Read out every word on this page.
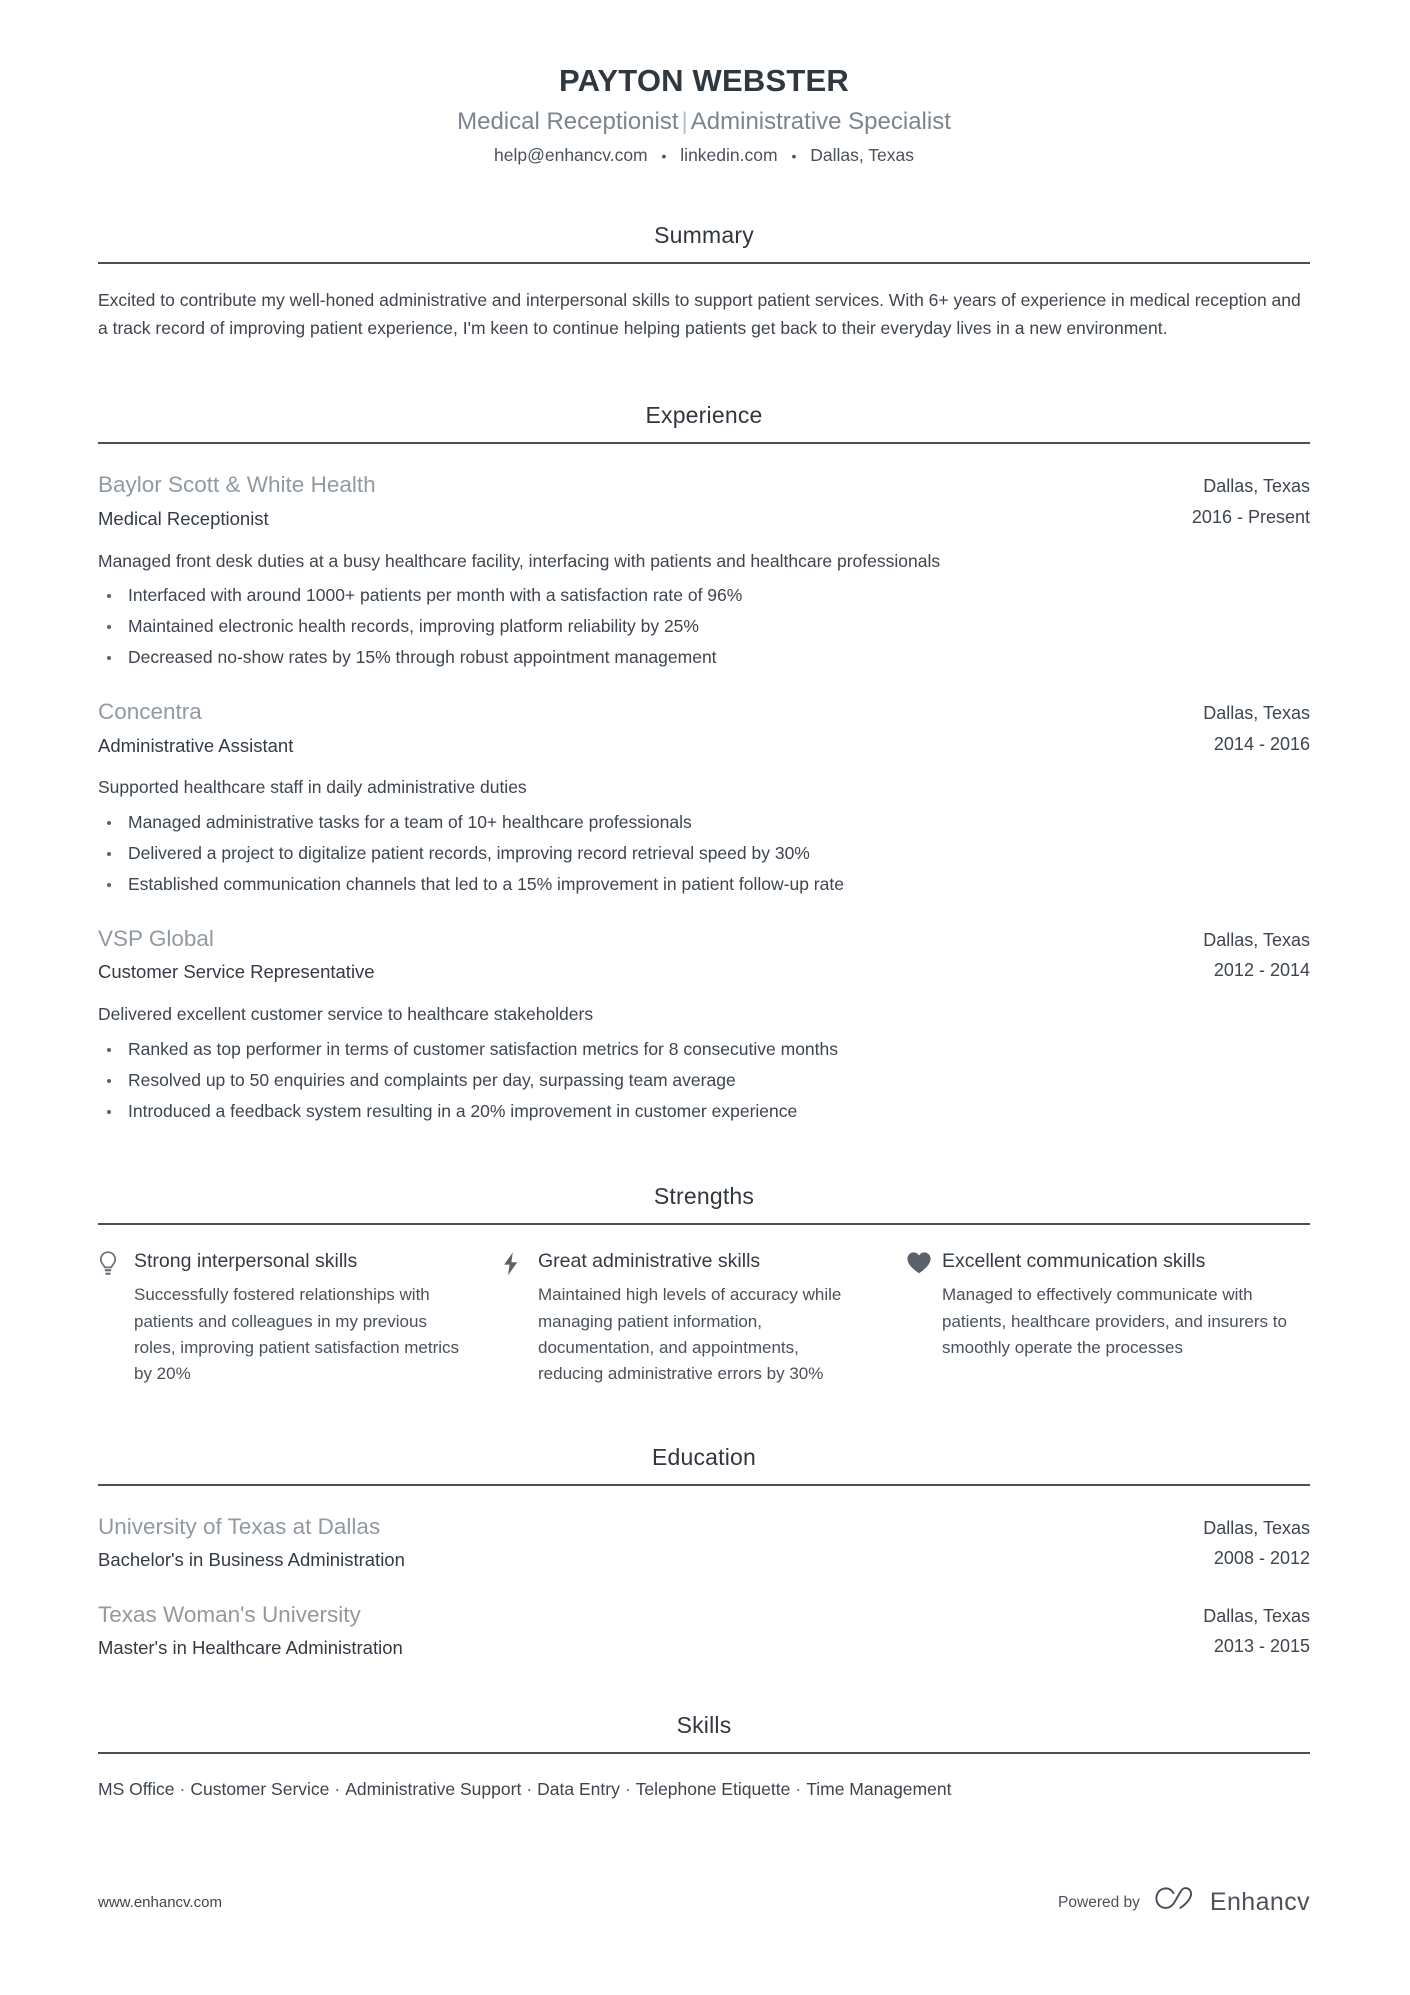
PAYTON WEBSTER
Medical Receptionist | Administrative Specialist
help@enhancv.com • linkedin.com • Dallas, Texas
Summary
Excited to contribute my well-honed administrative and interpersonal skills to support patient services. With 6+ years of experience in medical reception and a track record of improving patient experience, I'm keen to continue helping patients get back to their everyday lives in a new environment.
Experience
Baylor Scott & White Health
Medical Receptionist
Dallas, Texas
2016 - Present
Managed front desk duties at a busy healthcare facility, interfacing with patients and healthcare professionals
Interfaced with around 1000+ patients per month with a satisfaction rate of 96%
Maintained electronic health records, improving platform reliability by 25%
Decreased no-show rates by 15% through robust appointment management
Concentra
Administrative Assistant
Dallas, Texas
2014 - 2016
Supported healthcare staff in daily administrative duties
Managed administrative tasks for a team of 10+ healthcare professionals
Delivered a project to digitalize patient records, improving record retrieval speed by 30%
Established communication channels that led to a 15% improvement in patient follow-up rate
VSP Global
Customer Service Representative
Dallas, Texas
2012 - 2014
Delivered excellent customer service to healthcare stakeholders
Ranked as top performer in terms of customer satisfaction metrics for 8 consecutive months
Resolved up to 50 enquiries and complaints per day, surpassing team average
Introduced a feedback system resulting in a 20% improvement in customer experience
Strengths
Strong interpersonal skills
Successfully fostered relationships with patients and colleagues in my previous roles, improving patient satisfaction metrics by 20%
Great administrative skills
Maintained high levels of accuracy while managing patient information, documentation, and appointments, reducing administrative errors by 30%
Excellent communication skills
Managed to effectively communicate with patients, healthcare providers, and insurers to smoothly operate the processes
Education
University of Texas at Dallas
Bachelor's in Business Administration
Dallas, Texas
2008 - 2012
Texas Woman's University
Master's in Healthcare Administration
Dallas, Texas
2013 - 2015
Skills
MS Office · Customer Service · Administrative Support · Data Entry · Telephone Etiquette · Time Management
www.enhancv.com	Powered by	Enhancv
